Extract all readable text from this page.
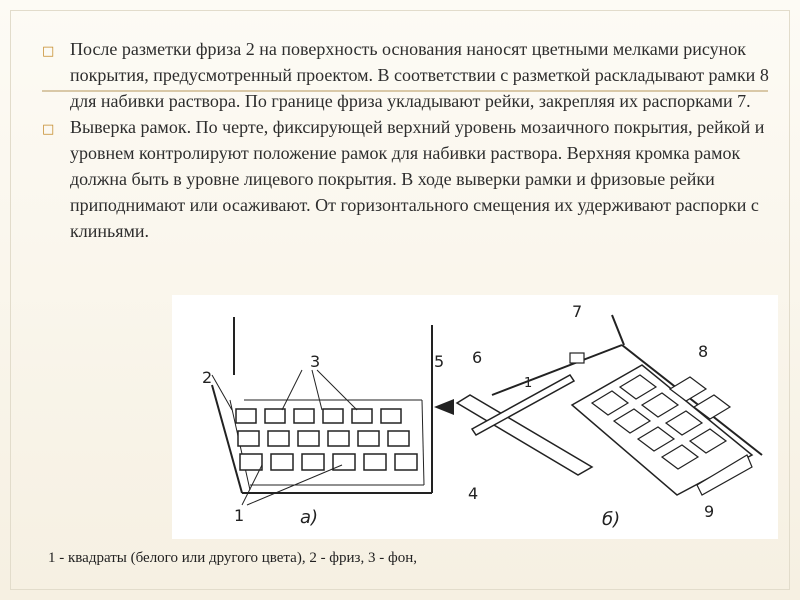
□ После разметки фриза 2 на поверхность основания наносят цветными мелками рисунок покрытия, предусмотренный проектом. В соответствии с разметкой раскладывают рамки 8 для набивки раствора. По границе фриза укладывают рейки, закрепляя их распорками 7.

□ Выверка рамок. По черте, фиксирующей верхний уровень мозаичного покрытия, рейкой и уровнем контролируют положение рамок для набивки раствора. Верхняя кромка рамок должна быть в уровне лицевого покрытия. В ходе выверки рамки и фризовые рейки приподнимают или осаживают. От горизонтального смещения их удерживают распорки с клиньями.

2
3
1	а)
7
6
5
8
4
9
1
б)
1 - квадраты (белого или другого цвета), 2 - фриз, 3 - фон,
